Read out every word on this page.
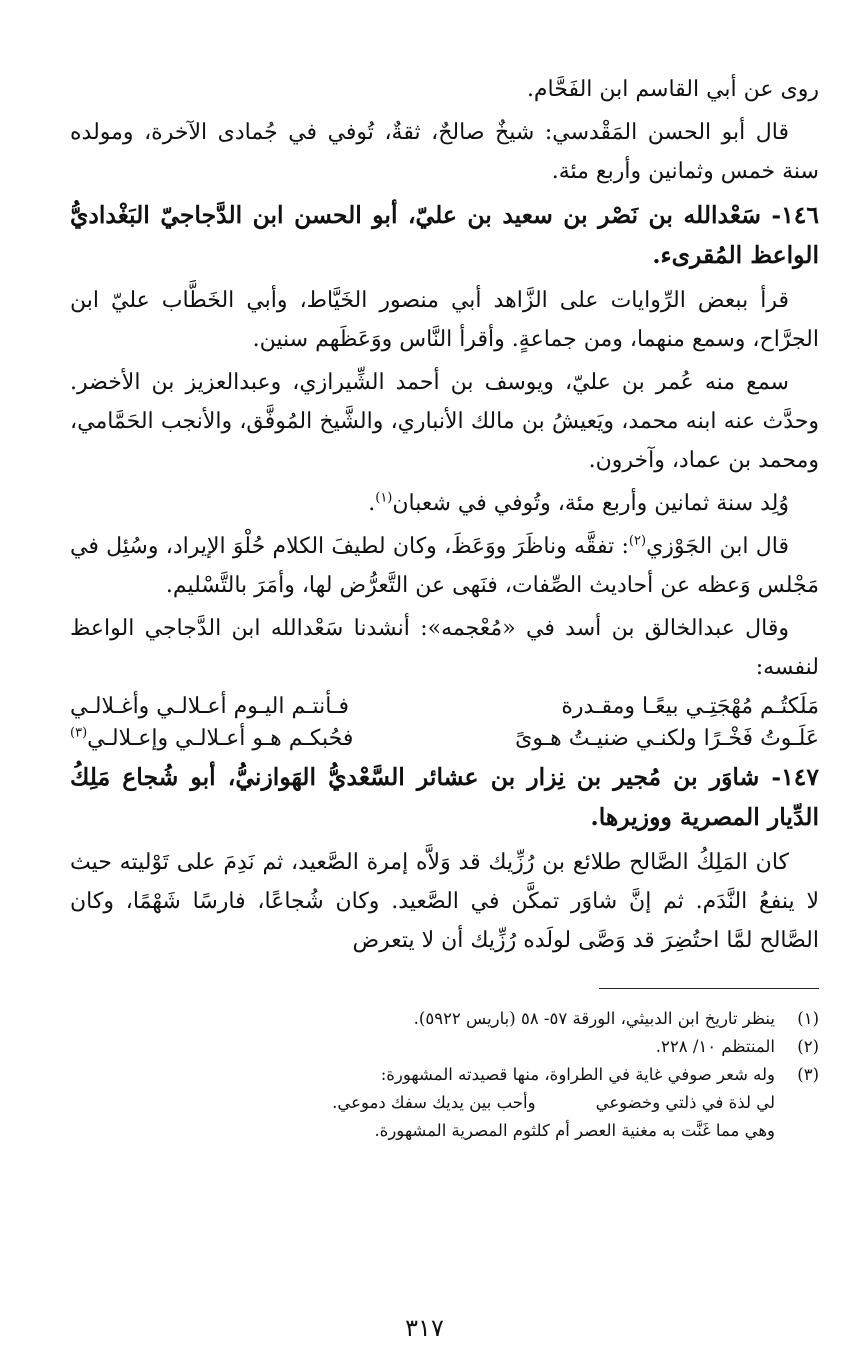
روى عن أبي القاسم ابن الفَحَّام.

قال أبو الحسن المَقْدسي: شيخٌ صالحٌ، ثقةٌ، تُوفي في جُمادى الآخرة، ومولده سنة خمس وثمانين وأربع مئة.

١٤٦- سَعْدالله بن نَصْر بن سعيد بن عليّ، أبو الحسن ابن الدَّجاجيّ البَغْداديُّ الواعظ المُقرىء.

قرأ ببعض الرِّوايات على الزَّاهد أبي منصور الخَيَّاط، وأبي الخَطَّاب عليّ ابن الجرَّاح، وسمع منهما، ومن جماعةٍ. وأقرأ النَّاس ووَعَظَهم سنين.

سمع منه عُمر بن عليّ، ويوسف بن أحمد الشِّيرازي، وعبدالعزيز بن الأخضر. وحدَّث عنه ابنه محمد، ويَعيشُ بن مالك الأنباري، والشَّيخ المُوفَّق، والأنجب الحَمَّامي، ومحمد بن عماد، وآخرون.

وُلِد سنة ثمانين وأربع مئة، وتُوفي في شعبان$^{(١)}$.

قال ابن الجَوْزي$^{(٢)}$: تفقَّه وناظَرَ ووَعَظَ، وكان لطيفَ الكلام حُلْوَ الإيراد، وسُئِل في مَجْلس وَعظه عن أحاديث الصِّفات، فنَهى عن التَّعرُّض لها، وأمَرَ بالتَّسْليم.

وقال عبدالخالق بن أسد في «مُعْجمه»: أنشدنا سَعْدالله ابن الدَّجاجي الواعظ لنفسه:

مَلَكتُـم مُهْجَتِـي بيعًـا ومقـدرة
فـأنتـم اليـوم أعـلالـي وأغـلالـي
عَلَـوتُ فَخْـرًا ولكنـي ضنيـتُ هـوىً
فحُبكـم هـو أعـلالـي وإعـلالـي$^{(٣)}$

١٤٧- شاوَر بن مُجير بن نِزار بن عشائر السَّعْديُّ الهَوازنيُّ، أبو شُجاع مَلِكُ الدِّيار المصرية ووزيرها.

كان المَلِكُ الصَّالح طلائع بن رُزِّيك قد وَلاَّه إمرة الصَّعيد، ثم نَدِمَ على تَوْليته حيث لا ينفعُ النَّدَم. ثم إنَّ شاوَر تمكَّن في الصَّعيد. وكان شُجاعًا، فارسًا شَهْمًا، وكان الصَّالح لمَّا احتُضِرَ قد وَصَّى لولَده رُزِّيك أن لا يتعرض

(١)
ينظر تاريخ ابن الدبيثي، الورقة ٥٧- ٥٨ (باريس ٥٩٢٢).
(٢)
المنتظم ١٠/ ٢٢٨.
(٣)
وله شعر صوفي غاية في الطراوة، منها قصيدته المشهورة:
لي لذة في ذلتي وخضوعي
وأحب بين يديك سفك دموعي.
وهي مما غَنَّت به مغنية العصر أم كلثوم المصرية المشهورة.
٣١٧
